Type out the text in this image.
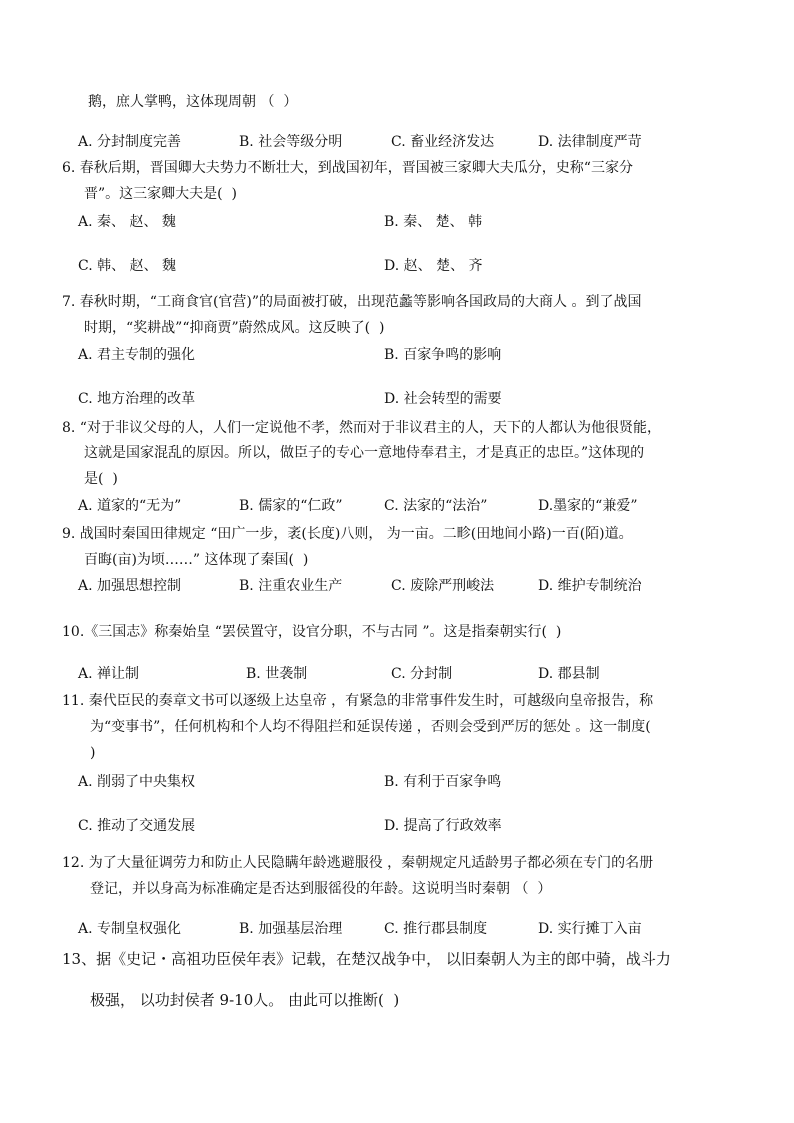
鹅，庶人掌鸭，这体现周朝 （  ）
A. 分封制度完善	B. 社会等级分明	C. 畜业经济发达	D. 法律制度严苛
6. 春秋后期，晋国卿大夫势力不断壮大，到战国初年，晋国被三家卿大夫瓜分，史称“三家分
晋”。这三家卿大夫是(  )
A. 秦、 赵、 魏	B. 秦、 楚、 韩
C. 韩、 赵、 魏	D. 赵、 楚、 齐
7. 春秋时期，“工商食官(官营)”的局面被打破，出现范蠡等影响各国政局的大商人 。到了战国
时期，“奖耕战”“抑商贾”蔚然成风。这反映了(  )
A. 君主专制的强化	B. 百家争鸣的影响
C. 地方治理的改革	D. 社会转型的需要
8. “对于非议父母的人，人们一定说他不孝，然而对于非议君主的人，天下的人都认为他很贤能，
这就是国家混乱的原因。所以，做臣子的专心一意地侍奉君主，才是真正的忠臣。”这体现的
是(  )
A. 道家的“无为”	B. 儒家的“仁政”	C. 法家的“法治”	D.墨家的“兼爱”
9. 战国时秦国田律规定 “田广一步，袤(长度)八则， 为一亩。二畛(田地间小路)一百(陌)道。
百晦(亩)为顷……” 这体现了秦国(  )
A. 加强思想控制	B. 注重农业生产	C. 废除严刑峻法	D. 维护专制统治
10.《三国志》称秦始皇 “罢侯置守，设官分职，不与古同 ”。这是指秦朝实行(  )
A. 禅让制	B. 世袭制	C. 分封制	D. 郡县制
11. 秦代臣民的奏章文书可以逐级上达皇帝 ，有紧急的非常事件发生时，可越级向皇帝报告，称
为“变事书”，任何机构和个人均不得阻拦和延误传递 ，否则会受到严厉的惩处 。这一制度(
)
A. 削弱了中央集权	B. 有利于百家争鸣
C. 推动了交通发展	D. 提高了行政效率
12. 为了大量征调劳力和防止人民隐瞒年龄逃避服役 ，秦朝规定凡适龄男子都必须在专门的名册
登记，并以身高为标准确定是否达到服徭役的年龄。这说明当时秦朝 （  ）
A. 专制皇权强化	B. 加强基层治理	C. 推行郡县制度	D. 实行摊丁入亩
13、据《史记・高祖功臣侯年表》记载，在楚汉战争中， 以旧秦朝人为主的郎中骑，战斗力
极强， 以功封侯者 9-10人。 由此可以推断(  )
